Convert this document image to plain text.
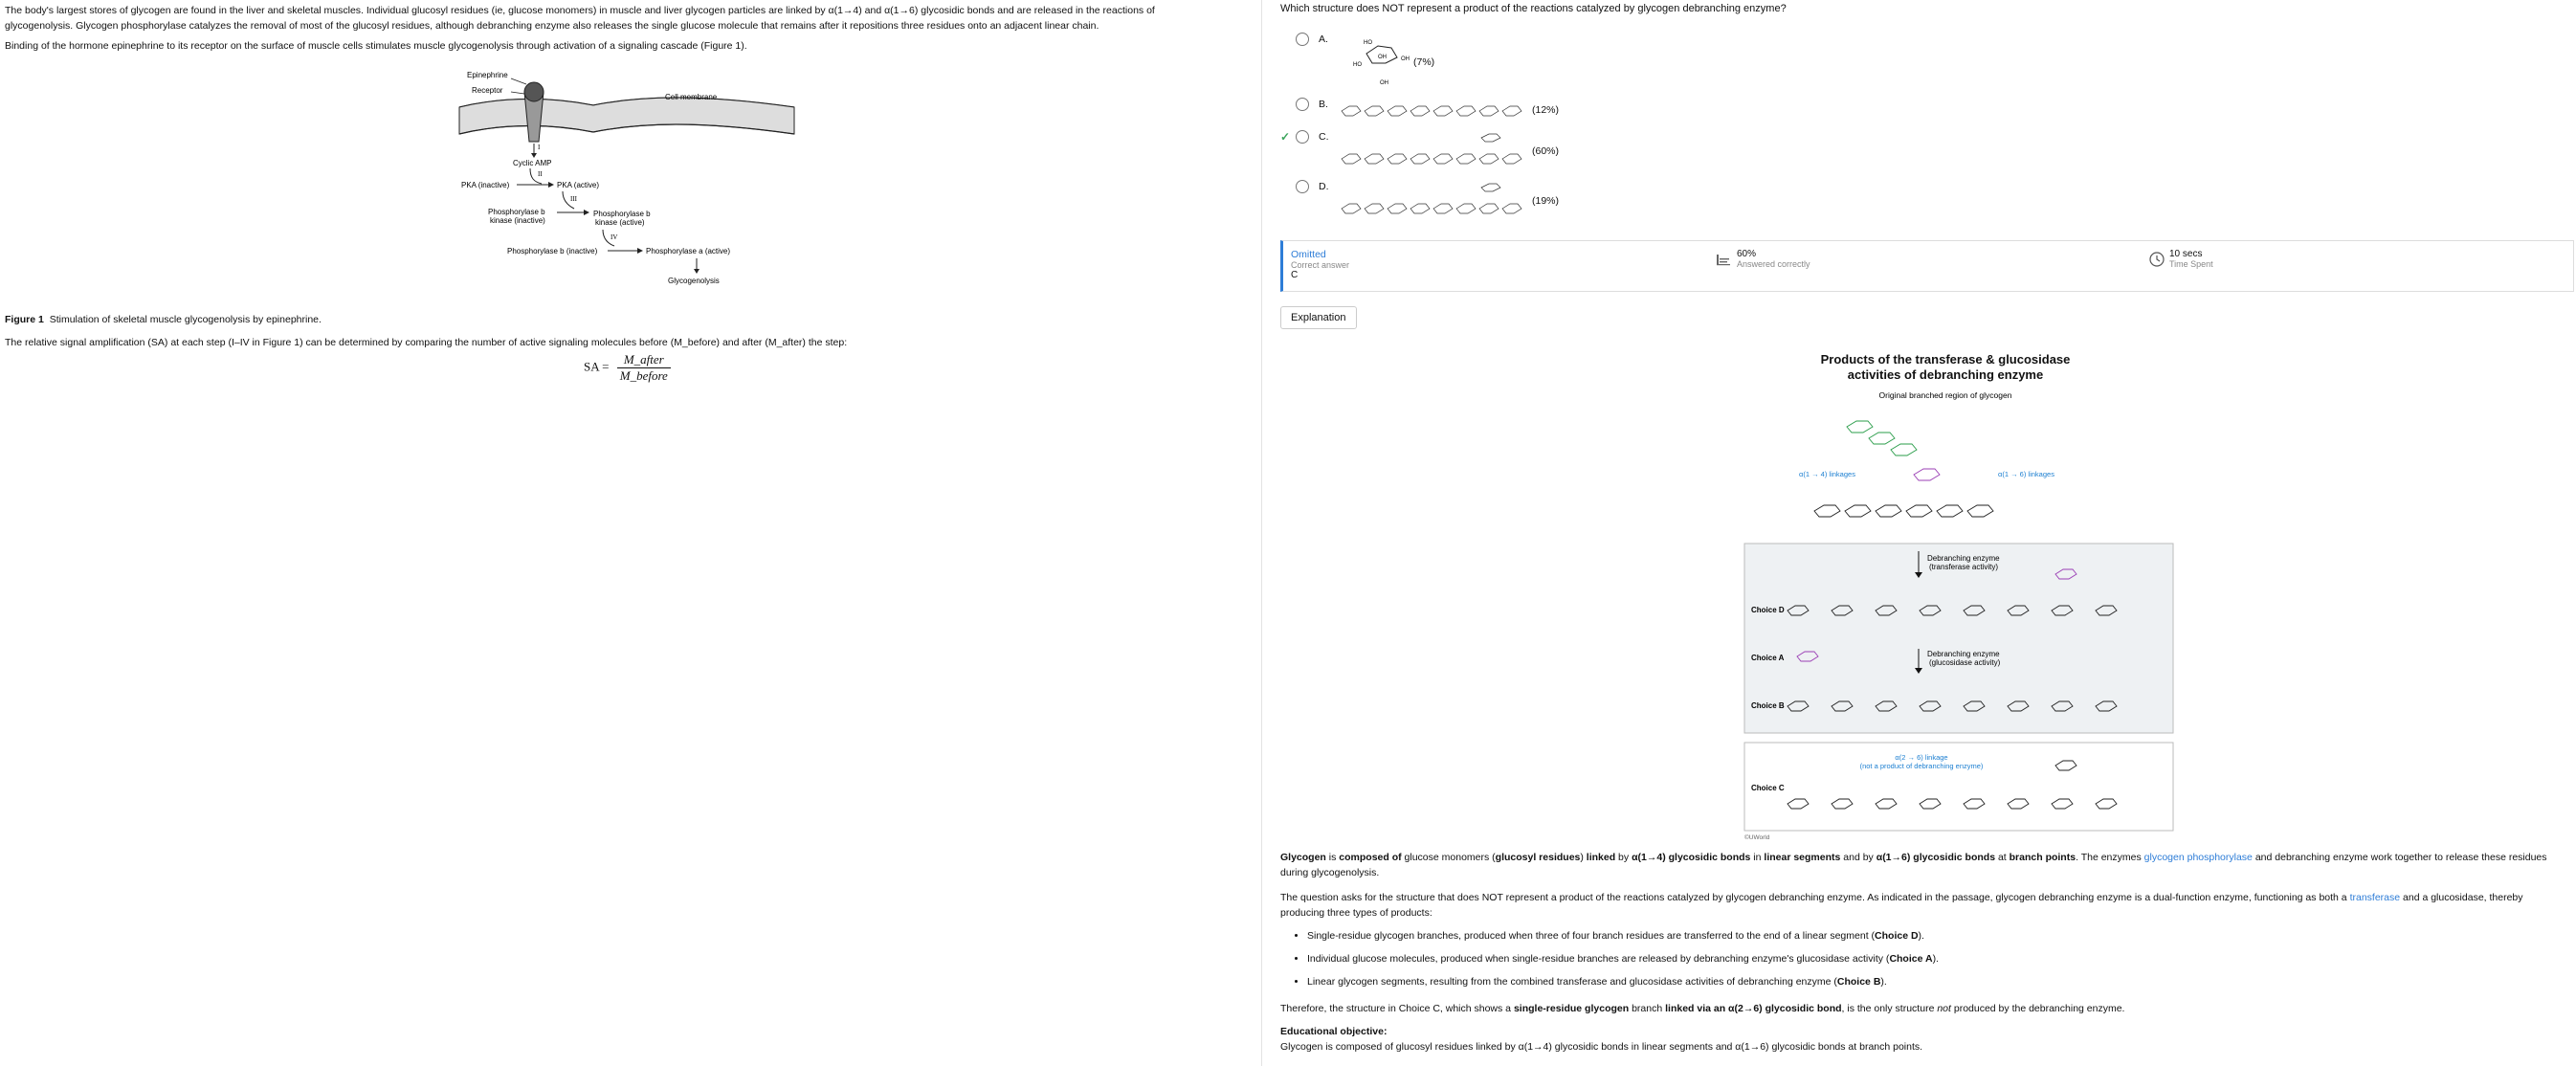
The body's largest stores of glycogen are found in the liver and skeletal muscles. Individual glucosyl residues (ie, glucose monomers) in muscle and liver glycogen particles are linked by α(1→4) and α(1→6) glycosidic bonds and are released in the reactions of glycogenolysis. Glycogen phosphorylase catalyzes the removal of most of the glucosyl residues, although debranching enzyme also releases the single glucose molecule that remains after it repositions three residues onto an adjacent linear chain.

Binding of the hormone epinephrine to its receptor on the surface of muscle cells stimulates muscle glycogenolysis through activation of a signaling cascade (Figure 1).

Epinephrine
Receptor
Cell membrane
I
Cyclic AMP
II
PKA (inactive)	PKA (active)
III
Phosphorylase b
kinase (inactive)
Phosphorylase b
kinase (active)
IV
Phosphorylase b (inactive)	Phosphorylase a (active)
Glycogenolysis
Figure 1 Stimulation of skeletal muscle glycogenolysis by epinephrine.

The relative signal amplification (SA) at each step (I–IV in Figure 1) can be determined by comparing the number of active signaling molecules before (M_before) and after (M_after) the step:

SA = $\frac{\text{M\_after}}{\text{M\_before}}$
Which structure does NOT represent a product of the reactions catalyzed by glycogen debranching enzyme?
A.
HO
OH	OH
HO
OH
(7%)
B.	(12%)
✓	C.
(60%)
D.
(19%)
Omitted
Correct answer
C
60%
Answered correctly
10 secs
Time Spent
Explanation
Products of the transferase & glucosidase
activities of debranching enzyme
Original branched region of glycogen
α(1 → 4) linkages	α(1 → 6) linkages
Debranching enzyme
(transferase activity)
Choice D
Debranching enzyme
(glucosidase activity)
Choice A
Choice B
α(2 → 6) linkage
(not a product of debranching enzyme)
Choice C
©UWorld
Glycogen is composed of glucose monomers (glucosyl residues) linked by α(1→4) glycosidic bonds in linear segments and by α(1→6) glycosidic bonds at branch points. The enzymes glycogen phosphorylase and debranching enzyme work together to release these residues during glycogenolysis.
The question asks for the structure that does NOT represent a product of the reactions catalyzed by glycogen debranching enzyme. As indicated in the passage, glycogen debranching enzyme is a dual-function enzyme, functioning as both a transferase and a glucosidase, thereby producing three types of products:
• Single-residue glycogen branches, produced when three of four branch residues are transferred to the end of a linear segment (Choice D).
• Individual glucose molecules, produced when single-residue branches are released by debranching enzyme's glucosidase activity (Choice A).
• Linear glycogen segments, resulting from the combined transferase and glucosidase activities of debranching enzyme (Choice B).
Therefore, the structure in Choice C, which shows a single-residue glycogen branch linked via an α(2→6) glycosidic bond, is the only structure not produced by the debranching enzyme.
Educational objective:
Glycogen is composed of glucosyl residues linked by α(1→4) glycosidic bonds in linear segments and α(1→6) glycosidic bonds at branch points.
